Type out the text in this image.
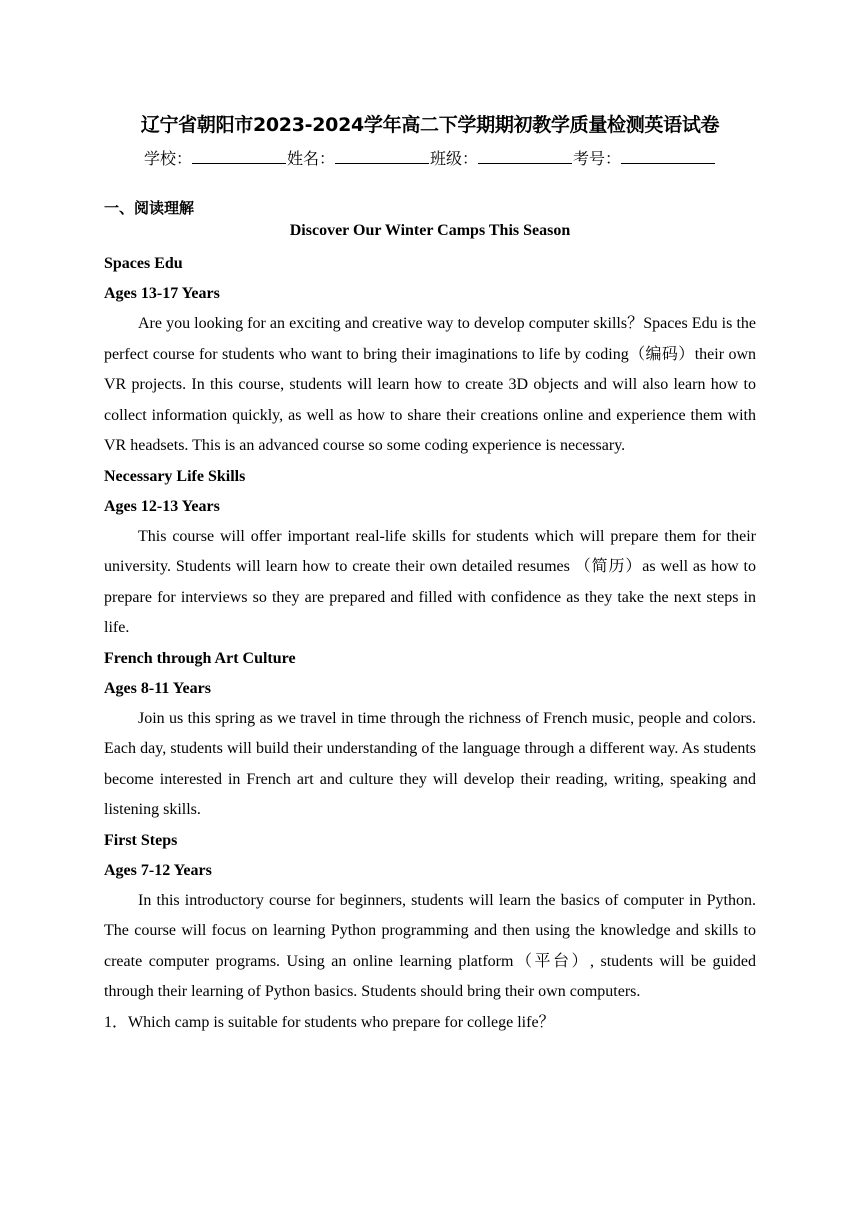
辽宁省朝阳市2023-2024学年高二下学期期初教学质量检测英语试卷
学校：	姓名：	班级：	考号：
一、阅读理解
Discover Our Winter Camps This Season
Spaces Edu
Ages 13-17 Years

Are you looking for an exciting and creative way to develop computer skills？Spaces Edu is the perfect course for students who want to bring their imaginations to life by coding（编码）their own VR projects. In this course, students will learn how to create 3D objects and will also learn how to collect information quickly, as well as how to share their creations online and experience them with VR headsets. This is an advanced course so some coding experience is necessary.

Necessary Life Skills
Ages 12-13 Years

This course will offer important real-life skills for students which will prepare them for their university. Students will learn how to create their own detailed resumes （简历）as well as how to prepare for interviews so they are prepared and filled with confidence as they take the next steps in life.

French through Art Culture
Ages 8-11 Years

Join us this spring as we travel in time through the richness of French music, people and colors. Each day, students will build their understanding of the language through a different way. As students become interested in French art and culture they will develop their reading, writing, speaking and listening skills.

First Steps
Ages 7-12 Years

In this introductory course for beginners, students will learn the basics of computer in Python. The course will focus on learning Python programming and then using the knowledge and skills to create computer programs. Using an online learning platform（平台）, students will be guided through their learning of Python basics. Students should bring their own computers.

1．Which camp is suitable for students who prepare for college life？
